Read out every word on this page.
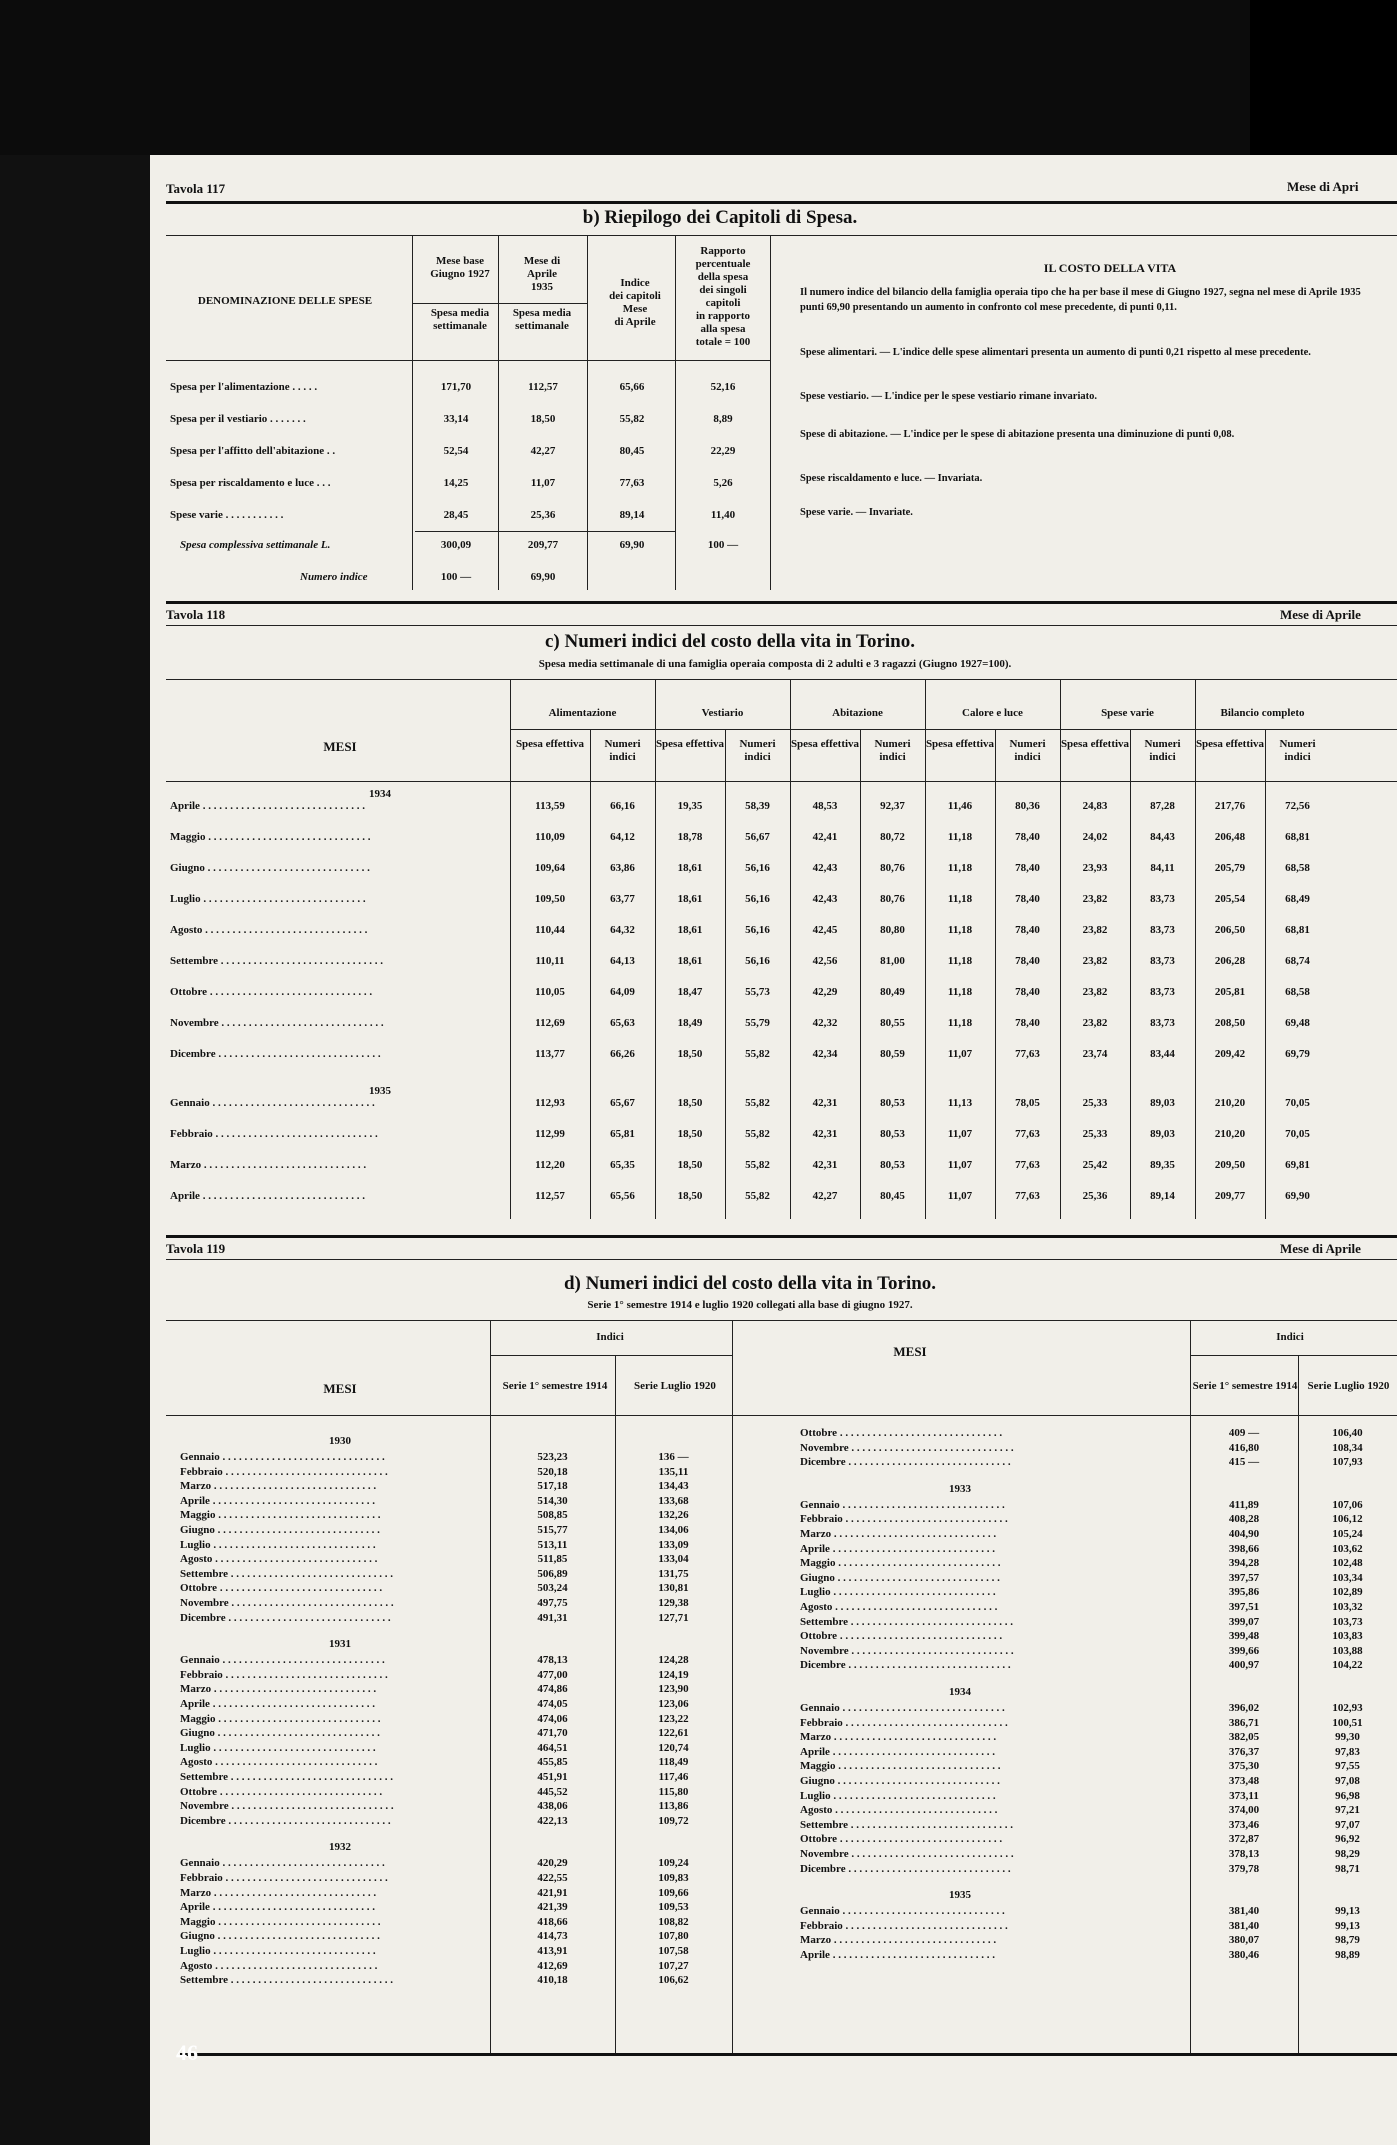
Tavola 117	Mese di Apri
b) Riepilogo dei Capitoli di Spesa.
DENOMINAZIONE DELLE SPESE
Mese base
Giugno 1927
Spesa media
settimanale
Mese di
Aprile
1935
Spesa media
settimanale
Indice
dei capitoli
Mese
di Aprile
Rapporto
percentuale
della spesa
dei singoli
capitoli
in rapporto
alla spesa
totale = 100
Spesa per l'alimentazione . . . . .	171,70	112,57	65,66	52,16
Spesa per il vestiario . . . . . . .	33,14	18,50	55,82	8,89
Spesa per l'affitto dell'abitazione . .	52,54	42,27	80,45	22,29
Spesa per riscaldamento e luce . . .	14,25	11,07	77,63	5,26
Spese varie . . . . . . . . . . .	28,45	25,36	89,14	11,40
Spesa complessiva settimanale L.	300,09	209,77	69,90	100 —
Numero indice	100 —	69,90
IL COSTO DELLA VITA
Il numero indice del bilancio della famiglia operaia tipo che ha per base il mese di Giugno 1927, segna nel mese di Aprile 1935 punti 69,90 presentando un aumento in confronto col mese precedente, di punti 0,11.
Spese alimentari. — L'indice delle spese alimentari presenta un aumento di punti 0,21 rispetto al mese precedente.
Spese vestiario. — L'indice per le spese vestiario rimane invariato.
Spese di abitazione. — L'indice per le spese di abitazione presenta una diminuzione di punti 0,08.
Spese riscaldamento e luce. — Invariata.
Spese varie. — Invariate.
Tavola 118	Mese di Aprile
c) Numeri indici del costo della vita in Torino.
Spesa media settimanale di una famiglia operaia composta di 2 adulti e 3 ragazzi (Giugno 1927=100).
MESI
Alimentazione
Spesa effettiva	Numeri indici
Vestiario
Spesa effettiva	Numeri indici
Abitazione
Spesa effettiva	Numeri indici
Calore e luce
Spesa effettiva	Numeri indici
Spese varie
Spesa effettiva	Numeri indici
Bilancio completo
Spesa effettiva	Numeri indici
1934
Aprile . . . . . . . . . . . . . . . . . . . . . . . . . . . . . .	113,59	66,16	19,35	58,39	48,53	92,37	11,46	80,36	24,83	87,28	217,76	72,56
Maggio . . . . . . . . . . . . . . . . . . . . . . . . . . . . . .	110,09	64,12	18,78	56,67	42,41	80,72	11,18	78,40	24,02	84,43	206,48	68,81
Giugno . . . . . . . . . . . . . . . . . . . . . . . . . . . . . .	109,64	63,86	18,61	56,16	42,43	80,76	11,18	78,40	23,93	84,11	205,79	68,58
Luglio . . . . . . . . . . . . . . . . . . . . . . . . . . . . . .	109,50	63,77	18,61	56,16	42,43	80,76	11,18	78,40	23,82	83,73	205,54	68,49
Agosto . . . . . . . . . . . . . . . . . . . . . . . . . . . . . .	110,44	64,32	18,61	56,16	42,45	80,80	11,18	78,40	23,82	83,73	206,50	68,81
Settembre . . . . . . . . . . . . . . . . . . . . . . . . . . . . . .	110,11	64,13	18,61	56,16	42,56	81,00	11,18	78,40	23,82	83,73	206,28	68,74
Ottobre . . . . . . . . . . . . . . . . . . . . . . . . . . . . . .	110,05	64,09	18,47	55,73	42,29	80,49	11,18	78,40	23,82	83,73	205,81	68,58
Novembre . . . . . . . . . . . . . . . . . . . . . . . . . . . . . .	112,69	65,63	18,49	55,79	42,32	80,55	11,18	78,40	23,82	83,73	208,50	69,48
Dicembre . . . . . . . . . . . . . . . . . . . . . . . . . . . . . .	113,77	66,26	18,50	55,82	42,34	80,59	11,07	77,63	23,74	83,44	209,42	69,79
1935
Gennaio . . . . . . . . . . . . . . . . . . . . . . . . . . . . . .	112,93	65,67	18,50	55,82	42,31	80,53	11,13	78,05	25,33	89,03	210,20	70,05
Febbraio . . . . . . . . . . . . . . . . . . . . . . . . . . . . . .	112,99	65,81	18,50	55,82	42,31	80,53	11,07	77,63	25,33	89,03	210,20	70,05
Marzo . . . . . . . . . . . . . . . . . . . . . . . . . . . . . .	112,20	65,35	18,50	55,82	42,31	80,53	11,07	77,63	25,42	89,35	209,50	69,81
Aprile . . . . . . . . . . . . . . . . . . . . . . . . . . . . . .	112,57	65,56	18,50	55,82	42,27	80,45	11,07	77,63	25,36	89,14	209,77	69,90
Tavola 119	Mese di Aprile
d) Numeri indici del costo della vita in Torino.
Serie 1° semestre 1914 e luglio 1920 collegati alla base di giugno 1927.
MESI
Indici
Serie 1° semestre 1914	Serie Luglio 1920
MESI
Indici
Serie 1° semestre 1914 Serie Luglio 1920
1930
Gennaio . . . . . . . . . . . . . . . . . . . . . . . . . . . . . .	523,23	136 —
Febbraio . . . . . . . . . . . . . . . . . . . . . . . . . . . . . .	520,18	135,11
Marzo . . . . . . . . . . . . . . . . . . . . . . . . . . . . . .	517,18	134,43
Aprile . . . . . . . . . . . . . . . . . . . . . . . . . . . . . .	514,30	133,68
Maggio . . . . . . . . . . . . . . . . . . . . . . . . . . . . . .	508,85	132,26
Giugno . . . . . . . . . . . . . . . . . . . . . . . . . . . . . .	515,77	134,06
Luglio . . . . . . . . . . . . . . . . . . . . . . . . . . . . . .	513,11	133,09
Agosto . . . . . . . . . . . . . . . . . . . . . . . . . . . . . .	511,85	133,04
Settembre . . . . . . . . . . . . . . . . . . . . . . . . . . . . . .	506,89	131,75
Ottobre . . . . . . . . . . . . . . . . . . . . . . . . . . . . . .	503,24	130,81
Novembre . . . . . . . . . . . . . . . . . . . . . . . . . . . . . .	497,75	129,38
Dicembre . . . . . . . . . . . . . . . . . . . . . . . . . . . . . .	491,31	127,71
1931
Gennaio . . . . . . . . . . . . . . . . . . . . . . . . . . . . . .	478,13	124,28
Febbraio . . . . . . . . . . . . . . . . . . . . . . . . . . . . . .	477,00	124,19
Marzo . . . . . . . . . . . . . . . . . . . . . . . . . . . . . .	474,86	123,90
Aprile . . . . . . . . . . . . . . . . . . . . . . . . . . . . . .	474,05	123,06
Maggio . . . . . . . . . . . . . . . . . . . . . . . . . . . . . .	474,06	123,22
Giugno . . . . . . . . . . . . . . . . . . . . . . . . . . . . . .	471,70	122,61
Luglio . . . . . . . . . . . . . . . . . . . . . . . . . . . . . .	464,51	120,74
Agosto . . . . . . . . . . . . . . . . . . . . . . . . . . . . . .	455,85	118,49
Settembre . . . . . . . . . . . . . . . . . . . . . . . . . . . . . .	451,91	117,46
Ottobre . . . . . . . . . . . . . . . . . . . . . . . . . . . . . .	445,52	115,80
Novembre . . . . . . . . . . . . . . . . . . . . . . . . . . . . . .	438,06	113,86
Dicembre . . . . . . . . . . . . . . . . . . . . . . . . . . . . . .	422,13	109,72
1932
Gennaio . . . . . . . . . . . . . . . . . . . . . . . . . . . . . .	420,29	109,24
Febbraio . . . . . . . . . . . . . . . . . . . . . . . . . . . . . .	422,55	109,83
Marzo . . . . . . . . . . . . . . . . . . . . . . . . . . . . . .	421,91	109,66
Aprile . . . . . . . . . . . . . . . . . . . . . . . . . . . . . .	421,39	109,53
Maggio . . . . . . . . . . . . . . . . . . . . . . . . . . . . . .	418,66	108,82
Giugno . . . . . . . . . . . . . . . . . . . . . . . . . . . . . .	414,73	107,80
Luglio . . . . . . . . . . . . . . . . . . . . . . . . . . . . . .	413,91	107,58
Agosto . . . . . . . . . . . . . . . . . . . . . . . . . . . . . .	412,69	107,27
Settembre . . . . . . . . . . . . . . . . . . . . . . . . . . . . . .	410,18	106,62
Ottobre . . . . . . . . . . . . . . . . . . . . . . . . . . . . . .	409 —	106,40
Novembre . . . . . . . . . . . . . . . . . . . . . . . . . . . . . .	416,80	108,34
Dicembre . . . . . . . . . . . . . . . . . . . . . . . . . . . . . .	415 —	107,93
1933
Gennaio . . . . . . . . . . . . . . . . . . . . . . . . . . . . . .	411,89	107,06
Febbraio . . . . . . . . . . . . . . . . . . . . . . . . . . . . . .	408,28	106,12
Marzo . . . . . . . . . . . . . . . . . . . . . . . . . . . . . .	404,90	105,24
Aprile . . . . . . . . . . . . . . . . . . . . . . . . . . . . . .	398,66	103,62
Maggio . . . . . . . . . . . . . . . . . . . . . . . . . . . . . .	394,28	102,48
Giugno . . . . . . . . . . . . . . . . . . . . . . . . . . . . . .	397,57	103,34
Luglio . . . . . . . . . . . . . . . . . . . . . . . . . . . . . .	395,86	102,89
Agosto . . . . . . . . . . . . . . . . . . . . . . . . . . . . . .	397,51	103,32
Settembre . . . . . . . . . . . . . . . . . . . . . . . . . . . . . .	399,07	103,73
Ottobre . . . . . . . . . . . . . . . . . . . . . . . . . . . . . .	399,48	103,83
Novembre . . . . . . . . . . . . . . . . . . . . . . . . . . . . . .	399,66	103,88
Dicembre . . . . . . . . . . . . . . . . . . . . . . . . . . . . . .	400,97	104,22
1934
Gennaio . . . . . . . . . . . . . . . . . . . . . . . . . . . . . .	396,02	102,93
Febbraio . . . . . . . . . . . . . . . . . . . . . . . . . . . . . .	386,71	100,51
Marzo . . . . . . . . . . . . . . . . . . . . . . . . . . . . . .	382,05	99,30
Aprile . . . . . . . . . . . . . . . . . . . . . . . . . . . . . .	376,37	97,83
Maggio . . . . . . . . . . . . . . . . . . . . . . . . . . . . . .	375,30	97,55
Giugno . . . . . . . . . . . . . . . . . . . . . . . . . . . . . .	373,48	97,08
Luglio . . . . . . . . . . . . . . . . . . . . . . . . . . . . . .	373,11	96,98
Agosto . . . . . . . . . . . . . . . . . . . . . . . . . . . . . .	374,00	97,21
Settembre . . . . . . . . . . . . . . . . . . . . . . . . . . . . . .	373,46	97,07
Ottobre . . . . . . . . . . . . . . . . . . . . . . . . . . . . . .	372,87	96,92
Novembre . . . . . . . . . . . . . . . . . . . . . . . . . . . . . .	378,13	98,29
Dicembre . . . . . . . . . . . . . . . . . . . . . . . . . . . . . .	379,78	98,71
1935
Gennaio . . . . . . . . . . . . . . . . . . . . . . . . . . . . . .	381,40	99,13
Febbraio . . . . . . . . . . . . . . . . . . . . . . . . . . . . . .	381,40	99,13
Marzo . . . . . . . . . . . . . . . . . . . . . . . . . . . . . .	380,07	98,79
Aprile . . . . . . . . . . . . . . . . . . . . . . . . . . . . . .	380,46	98,89
46
